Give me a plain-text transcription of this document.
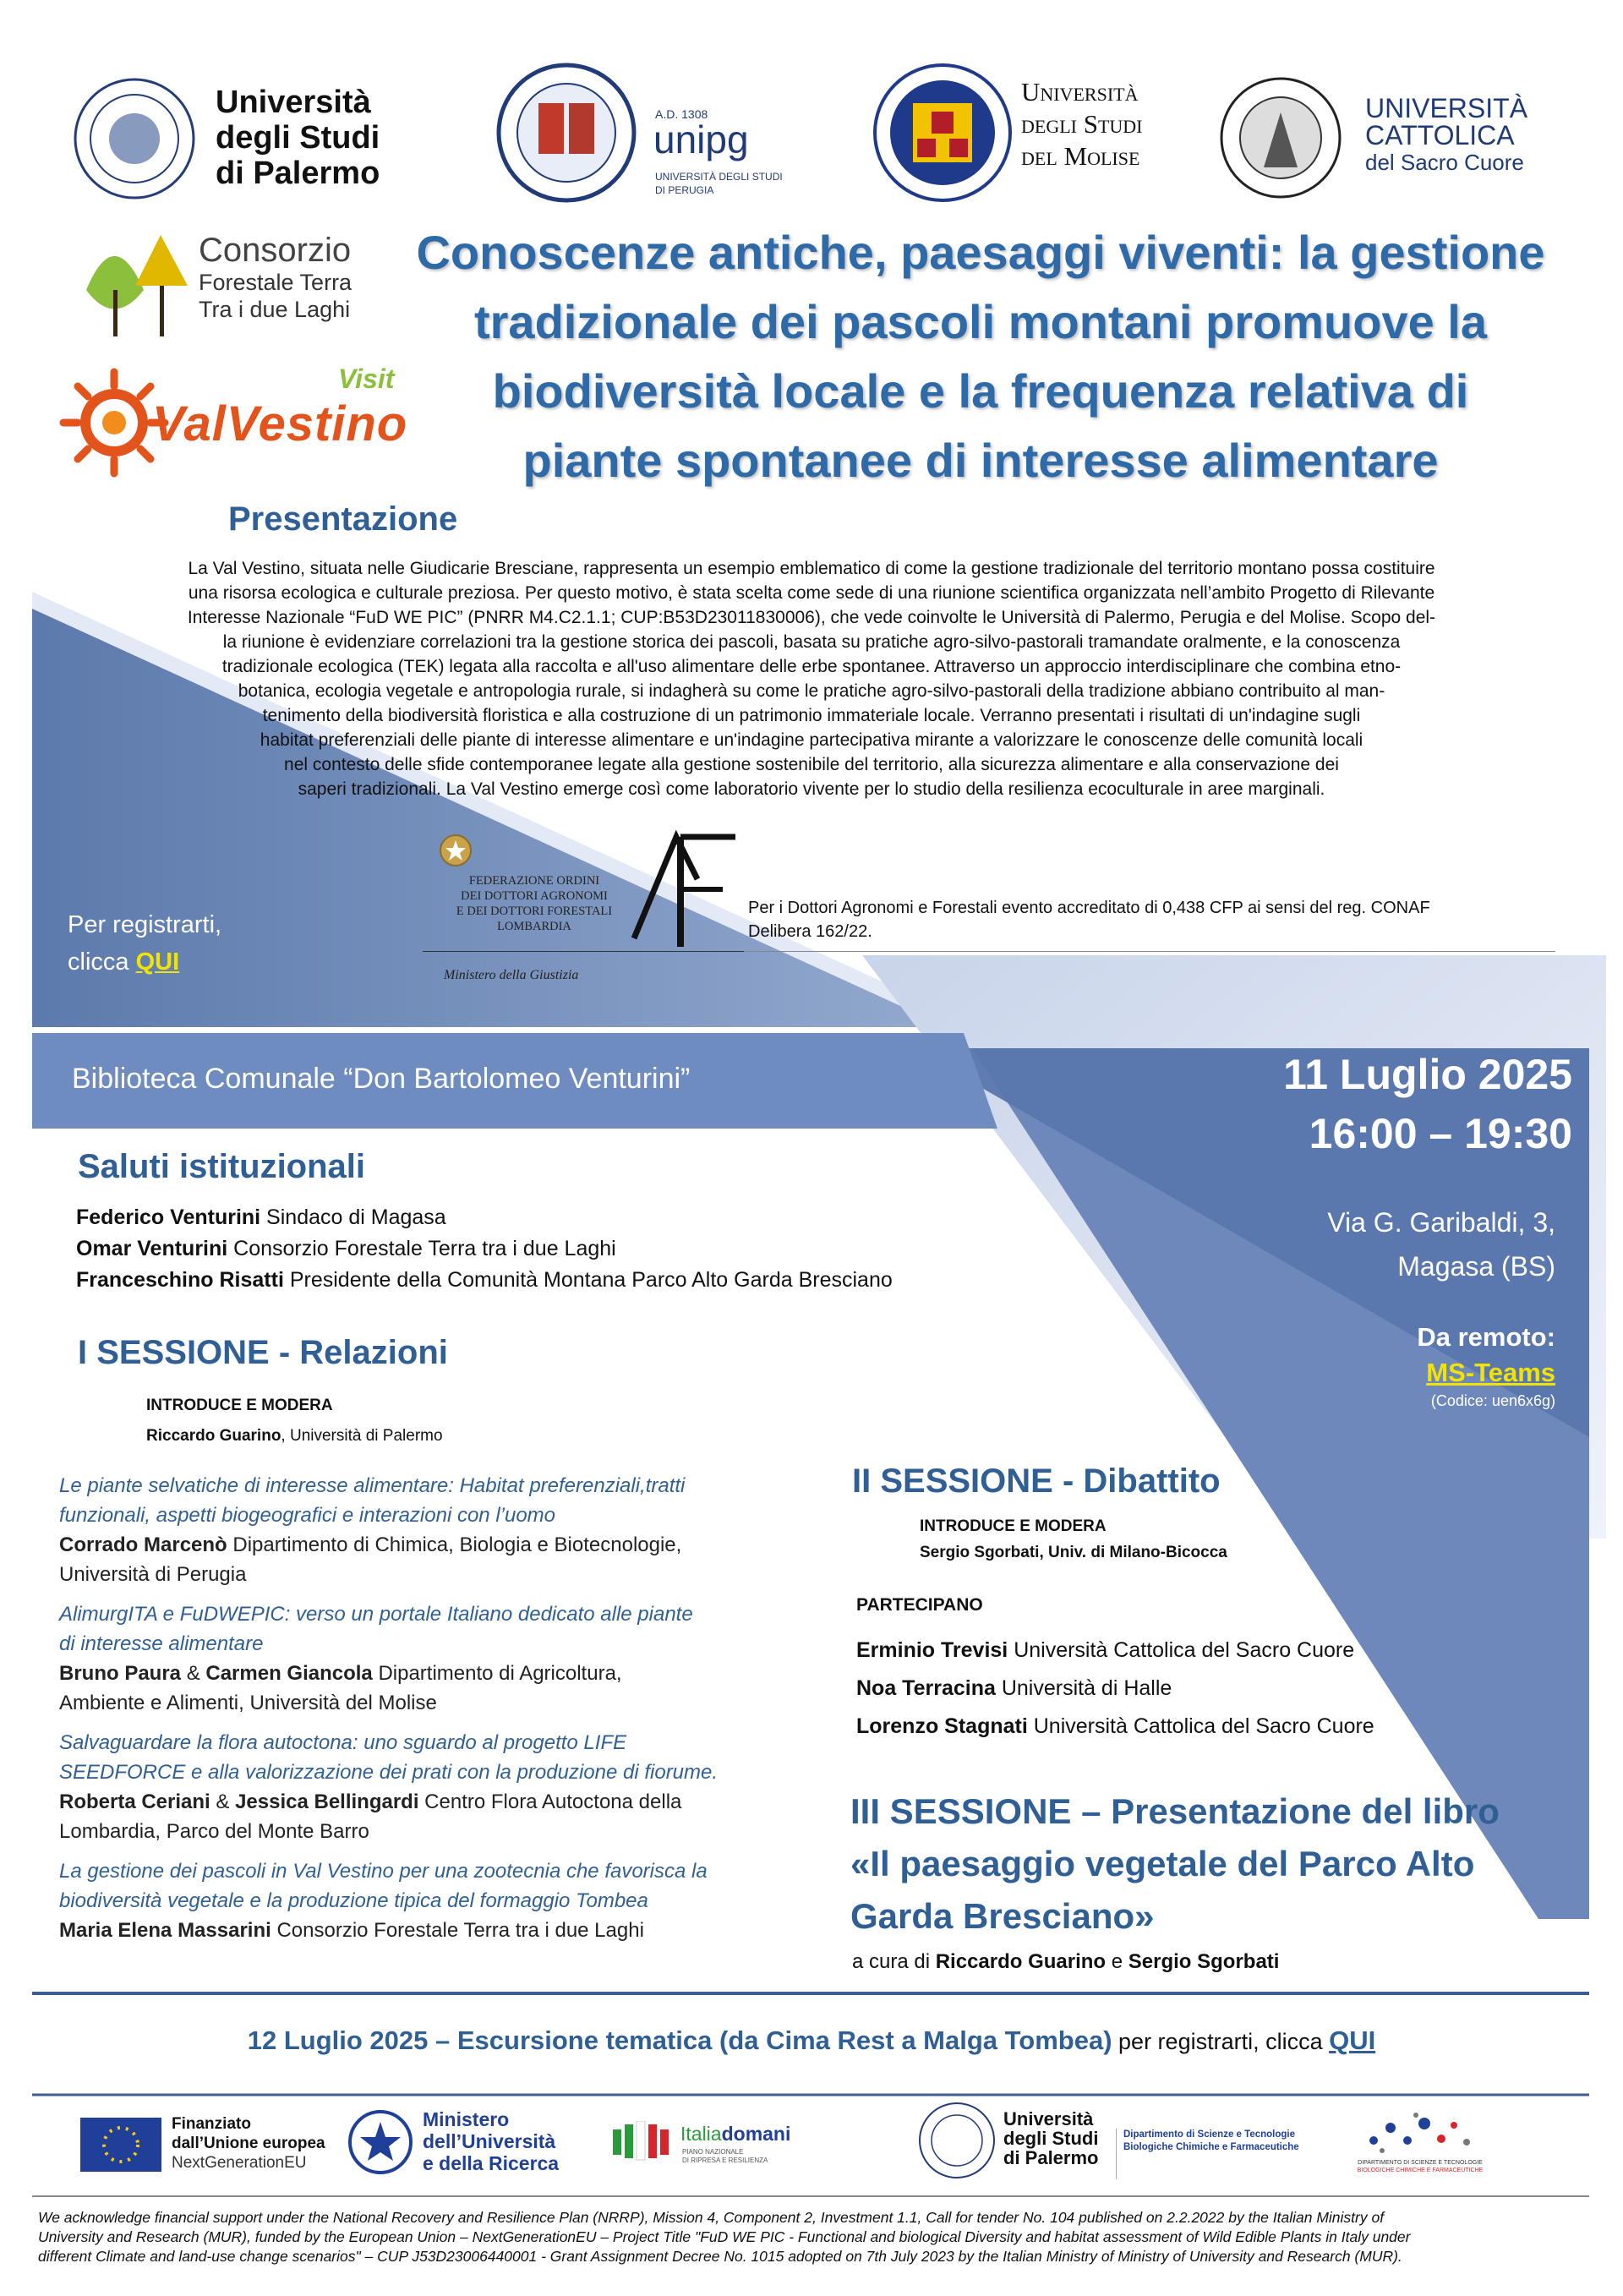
Università
degli Studi
di Palermo
A.D. 1308
unipg
UNIVERSITÀ DEGLI STUDI
DI PERUGIA
Università
degli Studi
del Molise
UNIVERSITÀ
CATTOLICA
del Sacro Cuore
Consorzio
Forestale Terra
Tra i due Laghi
Visit
ValVestino
Conoscenze antiche, paesaggi viventi: la gestione
tradizionale dei pascoli montani promuove la
biodiversità locale e la frequenza relativa di
piante spontanee di interesse alimentare
Presentazione

La Val Vestino, situata nelle Giudicarie Bresciane, rappresenta un esempio emblematico di come la gestione tradizionale del territorio montano possa costituire

una risorsa ecologica e culturale preziosa. Per questo motivo, è stata scelta come sede di una riunione scientifica organizzata nell’ambito Progetto di Rilevante

Interesse Nazionale “FuD WE PIC” (PNRR M4.C2.1.1; CUP:B53D23011830006), che vede coinvolte le Università di Palermo, Perugia e del Molise. Scopo del-

la riunione è evidenziare correlazioni tra la gestione storica dei pascoli, basata su pratiche agro-silvo-pastorali tramandate oralmente, e la conoscenza

tradizionale ecologica (TEK) legata alla raccolta e all'uso alimentare delle erbe spontanee. Attraverso un approccio interdisciplinare che combina etno-

botanica, ecologia vegetale e antropologia rurale, si indagherà su come le pratiche agro-silvo-pastorali della tradizione abbiano contribuito al man-

tenimento della biodiversità floristica e alla costruzione di un patrimonio immateriale locale. Verranno presentati i risultati di un'indagine sugli

habitat preferenziali delle piante di interesse alimentare e un'indagine partecipativa mirante a valorizzare le conoscenze delle comunità locali

nel contesto delle sfide contemporanee legate alla gestione sostenibile del territorio, alla sicurezza alimentare e alla conservazione dei

saperi tradizionali. La Val Vestino emerge così come laboratorio vivente per lo studio della resilienza ecoculturale in aree marginali.

FEDERAZIONE ORDINI
DEI DOTTORI AGRONOMI
E DEI DOTTORI FORESTALI
LOMBARDIA
Ministero della Giustizia
Per i Dottori Agronomi e Forestali evento accreditato di 0,438 CFP ai sensi del reg. CONAF
Delibera 162/22.
Per registrarti,
clicca QUI
Biblioteca Comunale “Don Bartolomeo Venturini”	11 Luglio 2025
16:00 – 19:30
Via G. Garibaldi, 3,
Magasa (BS)
Da remoto:
MS-Teams
(Codice: uen6x6g)
Saluti istituzionali
Federico Venturini Sindaco di Magasa
Omar Venturini Consorzio Forestale Terra tra i due Laghi
Franceschino Risatti Presidente della Comunità Montana Parco Alto Garda Bresciano
I SESSIONE - Relazioni
INTRODUCE E MODERA
Riccardo Guarino, Università di Palermo
Le piante selvatiche di interesse alimentare: Habitat preferenziali,tratti
funzionali, aspetti biogeografici e interazioni con l’uomo
Corrado Marcenò Dipartimento di Chimica, Biologia e Biotecnologie,
Università di Perugia
AlimurgITA e FuDWEPIC: verso un portale Italiano dedicato alle piante
di interesse alimentare
Bruno Paura & Carmen Giancola Dipartimento di Agricoltura,
Ambiente e Alimenti, Università del Molise
Salvaguardare la flora autoctona: uno sguardo al progetto LIFE
SEEDFORCE e alla valorizzazione dei prati con la produzione di fiorume.
Roberta Ceriani & Jessica Bellingardi Centro Flora Autoctona della
Lombardia, Parco del Monte Barro
La gestione dei pascoli in Val Vestino per una zootecnia che favorisca la
biodiversità vegetale e la produzione tipica del formaggio Tombea
Maria Elena Massarini Consorzio Forestale Terra tra i due Laghi
II SESSIONE - Dibattito
INTRODUCE E MODERA
Sergio Sgorbati, Univ. di Milano-Bicocca
PARTECIPANO
Erminio Trevisi Università Cattolica del Sacro Cuore
Noa Terracina Università di Halle
Lorenzo Stagnati Università Cattolica del Sacro Cuore
III SESSIONE – Presentazione del libro
«Il paesaggio vegetale del Parco Alto
Garda Bresciano»
a cura di Riccardo Guarino e Sergio Sgorbati
12 Luglio 2025 – Escursione tematica (da Cima Rest a Malga Tombea) per registrarti, clicca QUI
Finanziato
dall’Unione europea
NextGenerationEU
Ministero
dell’Università
e della Ricerca
Italiadomani
PIANO NAZIONALE
DI RIPRESA E RESILIENZA
Università
degli Studi
di Palermo
Dipartimento di Scienze e Tecnologie
Biologiche Chimiche e Farmaceutiche
DIPARTIMENTO DI SCIENZE E TECNOLOGIE
BIOLOGICHE CHIMICHE E FARMACEUTICHE
We acknowledge financial support under the National Recovery and Resilience Plan (NRRP), Mission 4, Component 2, Investment 1.1, Call for tender No. 104 published on 2.2.2022 by the Italian Ministry of
University and Research (MUR), funded by the European Union – NextGenerationEU – Project Title "FuD WE PIC - Functional and biological Diversity and habitat assessment of Wild Edible Plants in Italy under
different Climate and land-use change scenarios" – CUP J53D23006440001 - Grant Assignment Decree No. 1015 adopted on 7th July 2023 by the Italian Ministry of Ministry of University and Research (MUR).
